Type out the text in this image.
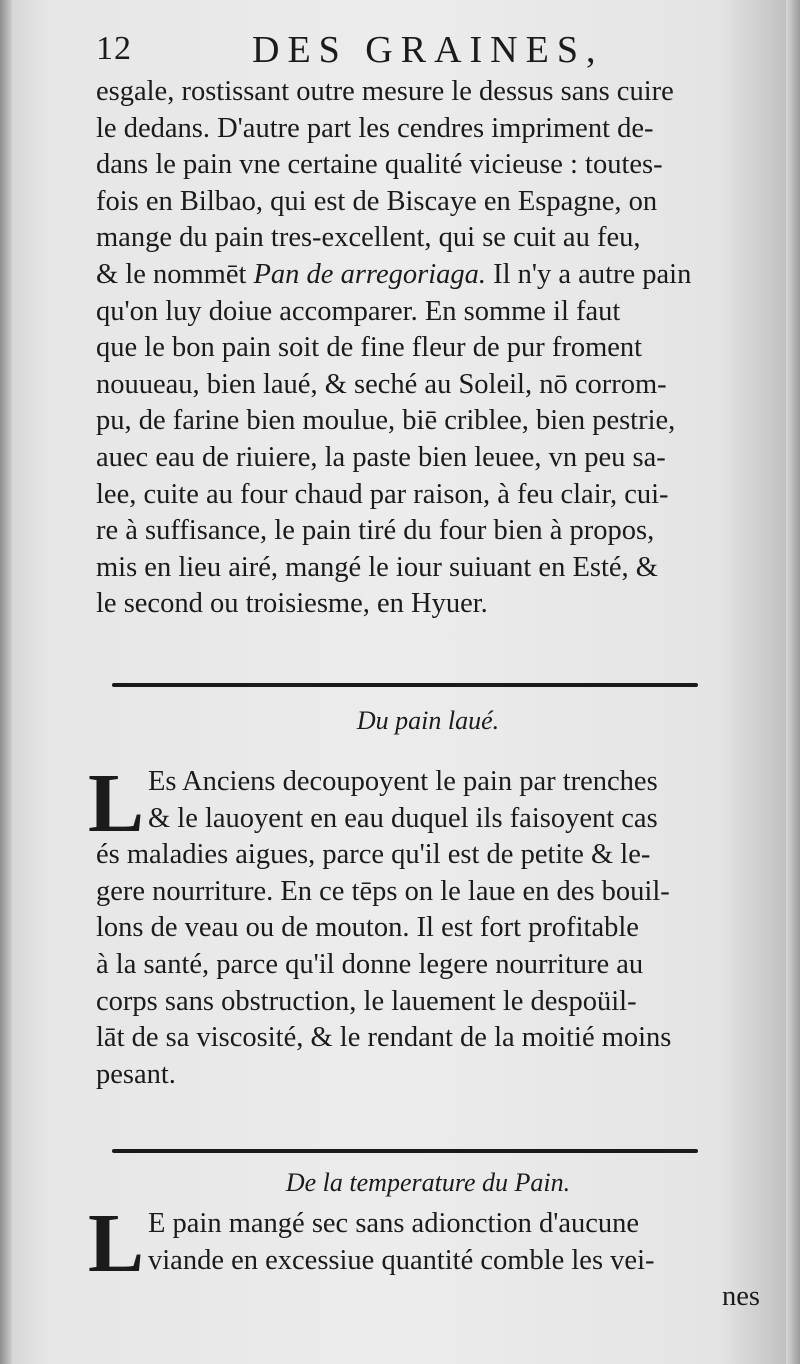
12	DES GRAINES,
esgale, rostissant outre mesure le dessus sans cuire
le dedans. D'autre part les cendres impriment de-
dans le pain vne certaine qualité vicieuse : toutes-
fois en Bilbao, qui est de Biscaye en Espagne, on
mange du pain tres-excellent, qui se cuit au feu,
& le nommēt Pan de arregoriaga. Il n'y a autre pain
qu'on luy doiue accomparer. En somme il faut
que le bon pain soit de fine fleur de pur froment
nouueau, bien laué, & seché au Soleil, nō corrom-
pu, de farine bien moulue, biē criblee, bien pestrie,
auec eau de riuiere, la paste bien leuee, vn peu sa-
lee, cuite au four chaud par raison, à feu clair, cui-
re à suffisance, le pain tiré du four bien à propos,
mis en lieu airé, mangé le iour suiuant en Esté, &
le second ou troisiesme, en Hyuer.
Du pain laué.
L Es Anciens decoupoyent le pain par trenches
& le lauoyent en eau duquel ils faisoyent cas
és maladies aigues, parce qu'il est de petite & le-
gere nourriture. En ce tēps on le laue en des bouil-
lons de veau ou de mouton. Il est fort profitable
à la santé, parce qu'il donne legere nourriture au
corps sans obstruction, le lauement le despoüil-
lāt de sa viscosité, & le rendant de la moitié moins
pesant.
De la temperature du Pain.
L E pain mangé sec sans adionction d'aucune
viande en excessiue quantité comble les vei-
nes
